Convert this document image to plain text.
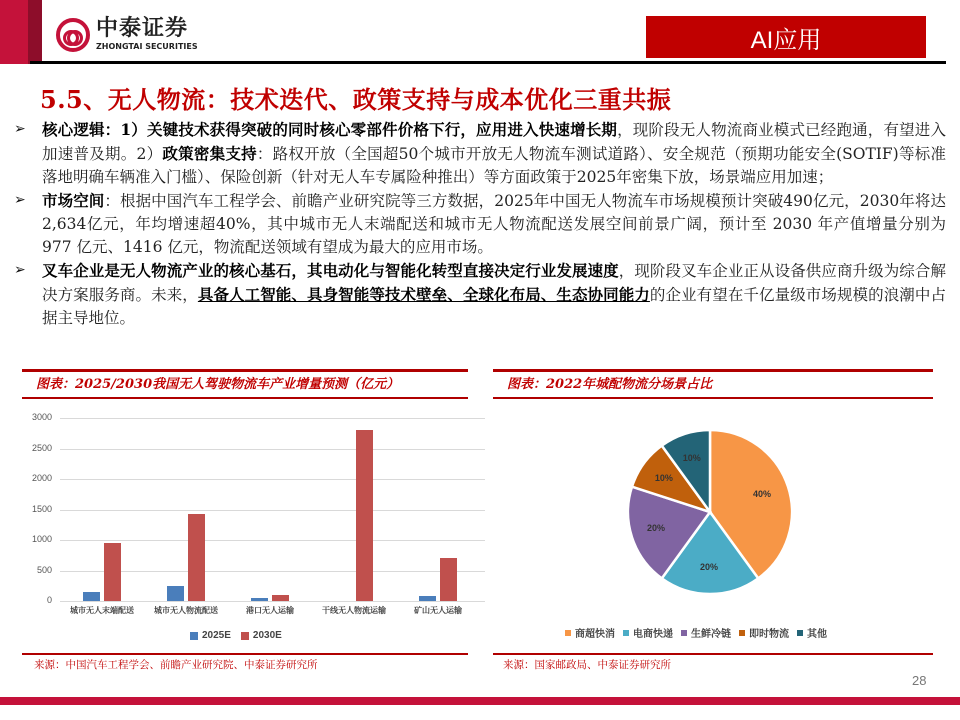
中泰证券
ZHONGTAI SECURITIES	AI应用
5.5、无人物流：技术迭代、政策支持与成本优化三重共振
➢	核心逻辑：1）关键技术获得突破的同时核心零部件价格下行，应用进入快速增长期，现阶段无人物流商业模式已经跑通，有望进入加速普及期。2）政策密集支持：路权开放（全国超50个城市开放无人物流车测试道路）、安全规范（预期功能安全(SOTIF)等标准落地明确车辆准入门槛）、保险创新（针对无人车专属险种推出）等方面政策于2025年密集下放，场景端应用加速；
➢	市场空间：根据中国汽车工程学会、前瞻产业研究院等三方数据，2025年中国无人物流车市场规模预计突破490亿元，2030年将达2,634亿元，年均增速超40%，其中城市无人末端配送和城市无人物流配送发展空间前景广阔，预计至 2030 年产值增量分别为 977 亿元、1416 亿元，物流配送领域有望成为最大的应用市场。
➢	叉车企业是无人物流产业的核心基石，其电动化与智能化转型直接决定行业发展速度，现阶段叉车企业正从设备供应商升级为综合解决方案服务商。未来，具备人工智能、具身智能等技术壁垒、全球化布局、生态协同能力的企业有望在千亿量级市场规模的浪潮中占据主导地位。
图表：2025/2030我国无人驾驶物流车产业增量预测（亿元）
0
500
1000
1500
2000
2500
3000
城市无人末端配送	城市无人物流配送	港口无人运输	干线无人物流运输	矿山无人运输
2025E 2030E
来源：中国汽车工程学会、前瞻产业研究院、中泰证券研究所
图表：2022年城配物流分场景占比
40%
20%
20%
10%
10%
商超快消 电商快递 生鲜冷链 即时物流 其他
来源：国家邮政局、中泰证券研究所
28
